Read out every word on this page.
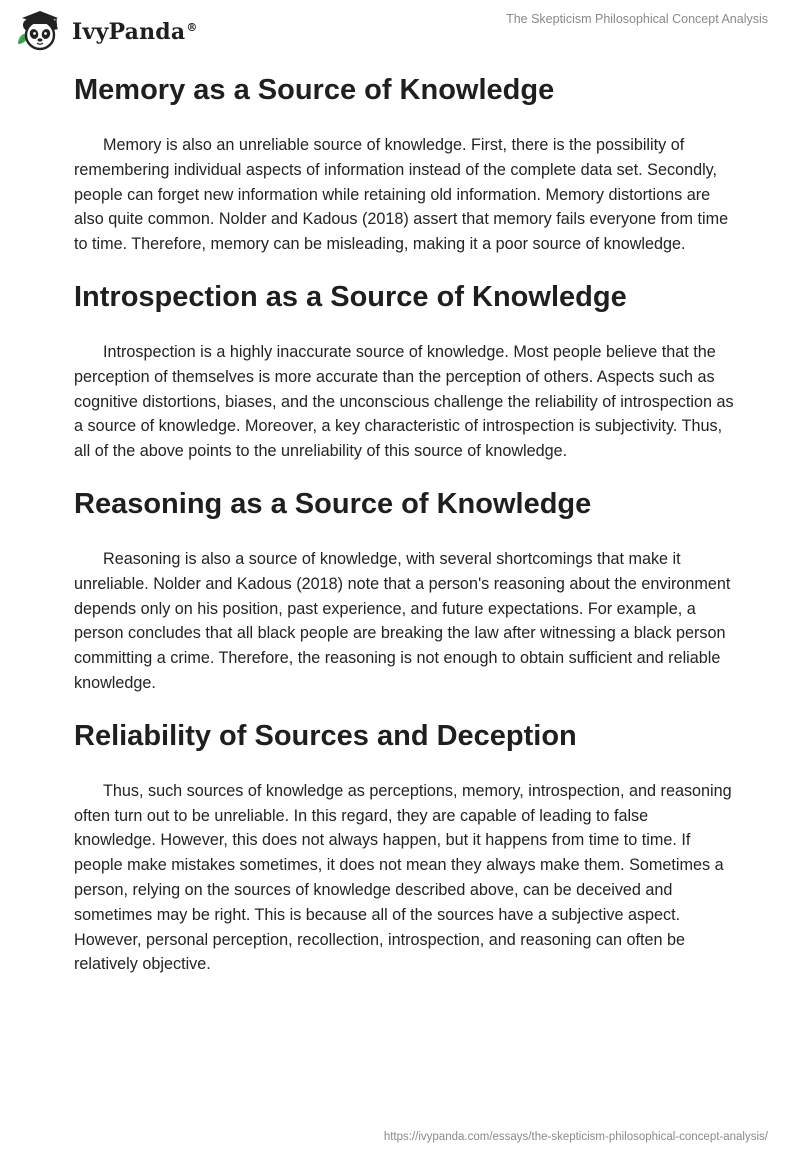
IvyPanda®
The Skepticism Philosophical Concept Analysis
Memory as a Source of Knowledge

Memory is also an unreliable source of knowledge. First, there is the possibility of remembering individual aspects of information instead of the complete data set. Secondly, people can forget new information while retaining old information. Memory distortions are also quite common. Nolder and Kadous (2018) assert that memory fails everyone from time to time. Therefore, memory can be misleading, making it a poor source of knowledge.

Introspection as a Source of Knowledge

Introspection is a highly inaccurate source of knowledge. Most people believe that the perception of themselves is more accurate than the perception of others. Aspects such as cognitive distortions, biases, and the unconscious challenge the reliability of introspection as a source of knowledge. Moreover, a key characteristic of introspection is subjectivity. Thus, all of the above points to the unreliability of this source of knowledge.

Reasoning as a Source of Knowledge

Reasoning is also a source of knowledge, with several shortcomings that make it unreliable. Nolder and Kadous (2018) note that a person's reasoning about the environment depends only on his position, past experience, and future expectations. For example, a person concludes that all black people are breaking the law after witnessing a black person committing a crime. Therefore, the reasoning is not enough to obtain sufficient and reliable knowledge.

Reliability of Sources and Deception

Thus, such sources of knowledge as perceptions, memory, introspection, and reasoning often turn out to be unreliable. In this regard, they are capable of leading to false knowledge. However, this does not always happen, but it happens from time to time. If people make mistakes sometimes, it does not mean they always make them. Sometimes a person, relying on the sources of knowledge described above, can be deceived and sometimes may be right. This is because all of the sources have a subjective aspect. However, personal perception, recollection, introspection, and reasoning can often be relatively objective.

https://ivypanda.com/essays/the-skepticism-philosophical-concept-analysis/
